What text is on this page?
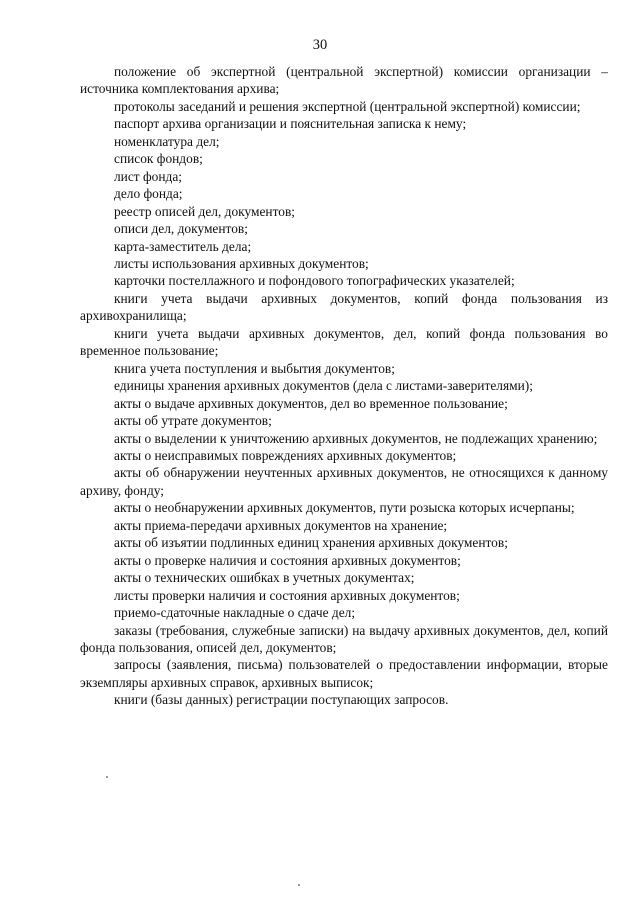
30

положение об экспертной (центральной экспертной) комиссии организации – источника комплектования архива;

протоколы заседаний и решения экспертной (центральной экспертной) комиссии;

паспорт архива организации и пояснительная записка к нему;

номенклатура дел;

список фондов;

лист фонда;

дело фонда;

реестр описей дел, документов;

описи дел, документов;

карта-заместитель дела;

листы использования архивных документов;

карточки постеллажного и пофондового топографических указателей;

книги учета выдачи архивных документов, копий фонда пользования из архивохранилища;

книги учета выдачи архивных документов, дел, копий фонда пользования во временное пользование;

книга учета поступления и выбытия документов;

единицы хранения архивных документов (дела с листами-заверителями);

акты о выдаче архивных документов, дел во временное пользование;

акты об утрате документов;

акты о выделении к уничтожению архивных документов, не подлежащих хранению;

акты о неисправимых повреждениях архивных документов;

акты об обнаружении неучтенных архивных документов, не относящихся к данному архиву, фонду;

акты о необнаружении архивных документов, пути розыска которых исчерпаны;

акты приема-передачи архивных документов на хранение;

акты об изъятии подлинных единиц хранения архивных документов;

акты о проверке наличия и состояния архивных документов;

акты о технических ошибках в учетных документах;

листы проверки наличия и состояния архивных документов;

приемо-сдаточные накладные о сдаче дел;

заказы (требования, служебные записки) на выдачу архивных документов, дел, копий фонда пользования, описей дел, документов;

запросы (заявления, письма) пользователей о предоставлении информации, вторые экземпляры архивных справок, архивных выписок;

книги (базы данных) регистрации поступающих запросов.
